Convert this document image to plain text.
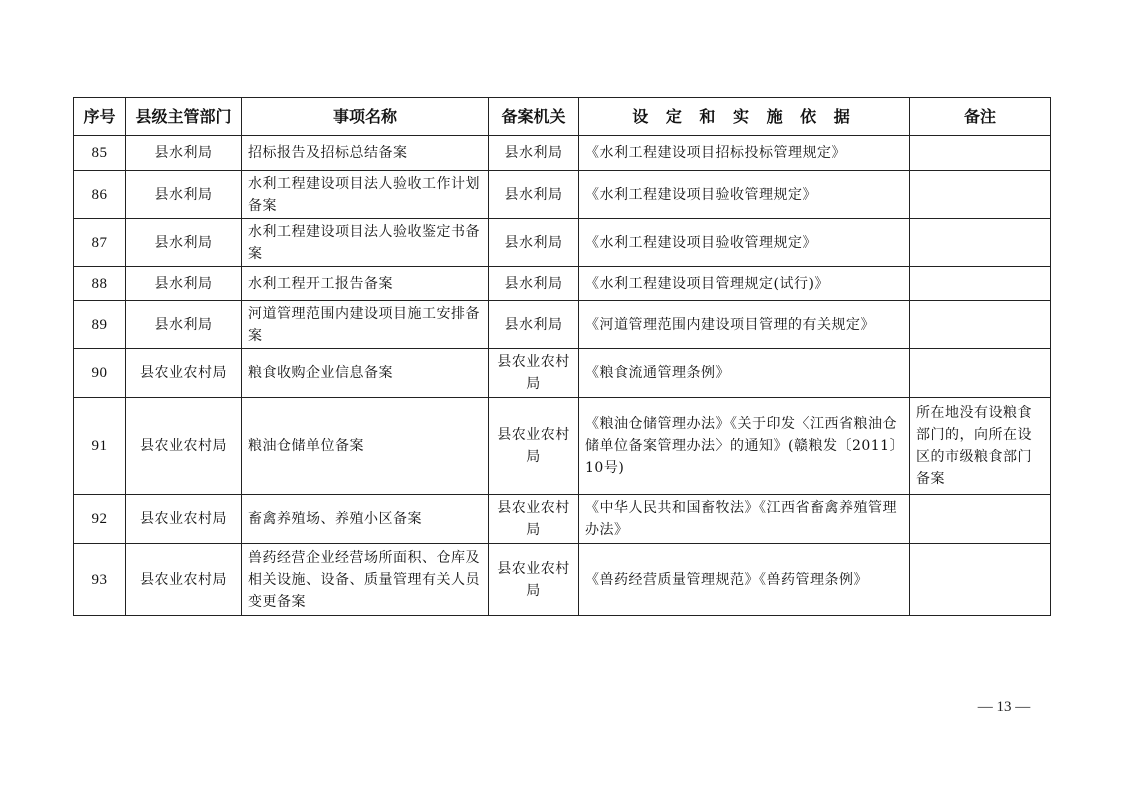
序号	县级主管部门	事项名称	备案机关	设 定 和 实 施 依 据	备注
85	县水利局	招标报告及招标总结备案	县水利局	《水利工程建设项目招标投标管理规定》	
86	县水利局	水利工程建设项目法人验收工作计划备案	县水利局	《水利工程建设项目验收管理规定》	
87	县水利局	水利工程建设项目法人验收鉴定书备案	县水利局	《水利工程建设项目验收管理规定》	
88	县水利局	水利工程开工报告备案	县水利局	《水利工程建设项目管理规定(试行)》	
89	县水利局	河道管理范围内建设项目施工安排备案	县水利局	《河道管理范围内建设项目管理的有关规定》	
90	县农业农村局	粮食收购企业信息备案	县农业农村局	《粮食流通管理条例》	
91	县农业农村局	粮油仓储单位备案	县农业农村局	《粮油仓储管理办法》《关于印发〈江西省粮油仓储单位备案管理办法〉的通知》(赣粮发〔2011〕10号)	所在地没有设粮食部门的，向所在设区的市级粮食部门备案
92	县农业农村局	畜禽养殖场、养殖小区备案	县农业农村局	《中华人民共和国畜牧法》《江西省畜禽养殖管理办法》	
93	县农业农村局	兽药经营企业经营场所面积、仓库及相关设施、设备、质量管理有关人员变更备案	县农业农村局	《兽药经营质量管理规范》《兽药管理条例》	
— 13 —
